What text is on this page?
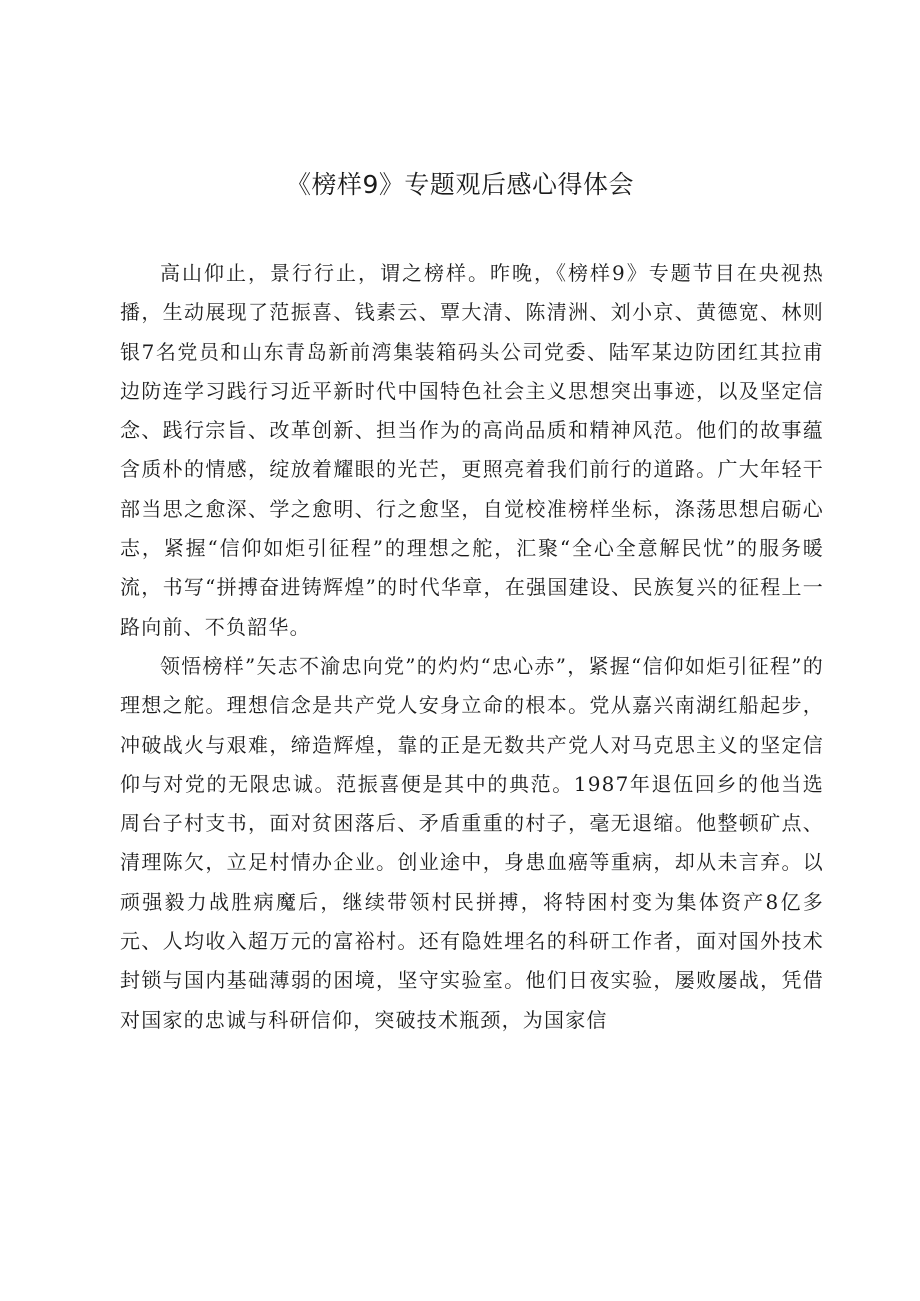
《榜样9》专题观后感心得体会

高山仰止，景行行止，谓之榜样。昨晚，《榜样9》专题节目在央视热播，生动展现了范振喜、钱素云、覃大清、陈清洲、刘小京、黄德宽、林则银7名党员和山东青岛新前湾集装箱码头公司党委、陆军某边防团红其拉甫边防连学习践行习近平新时代中国特色社会主义思想突出事迹，以及坚定信念、践行宗旨、改革创新、担当作为的高尚品质和精神风范。他们的故事蕴含质朴的情感，绽放着耀眼的光芒，更照亮着我们前行的道路。广大年轻干部当思之愈深、学之愈明、行之愈坚，自觉校准榜样坐标，涤荡思想启砺心志，紧握“信仰如炬引征程”的理想之舵，汇聚“全心全意解民忧”的服务暖流，书写“拼搏奋进铸辉煌”的时代华章，在强国建设、民族复兴的征程上一路向前、不负韶华。

领悟榜样”矢志不渝忠向党”的灼灼“忠心赤”，紧握“信仰如炬引征程”的理想之舵。理想信念是共产党人安身立命的根本。党从嘉兴南湖红船起步，冲破战火与艰难，缔造辉煌，靠的正是无数共产党人对马克思主义的坚定信仰与对党的无限忠诚。范振喜便是其中的典范。1987年退伍回乡的他当选周台子村支书，面对贫困落后、矛盾重重的村子，毫无退缩。他整顿矿点、清理陈欠，立足村情办企业。创业途中，身患血癌等重病，却从未言弃。以顽强毅力战胜病魔后，继续带领村民拼搏，将特困村变为集体资产8亿多元、人均收入超万元的富裕村。还有隐姓埋名的科研工作者，面对国外技术封锁与国内基础薄弱的困境，坚守实验室。他们日夜实验，屡败屡战，凭借对国家的忠诚与科研信仰，突破技术瓶颈，为国家信
